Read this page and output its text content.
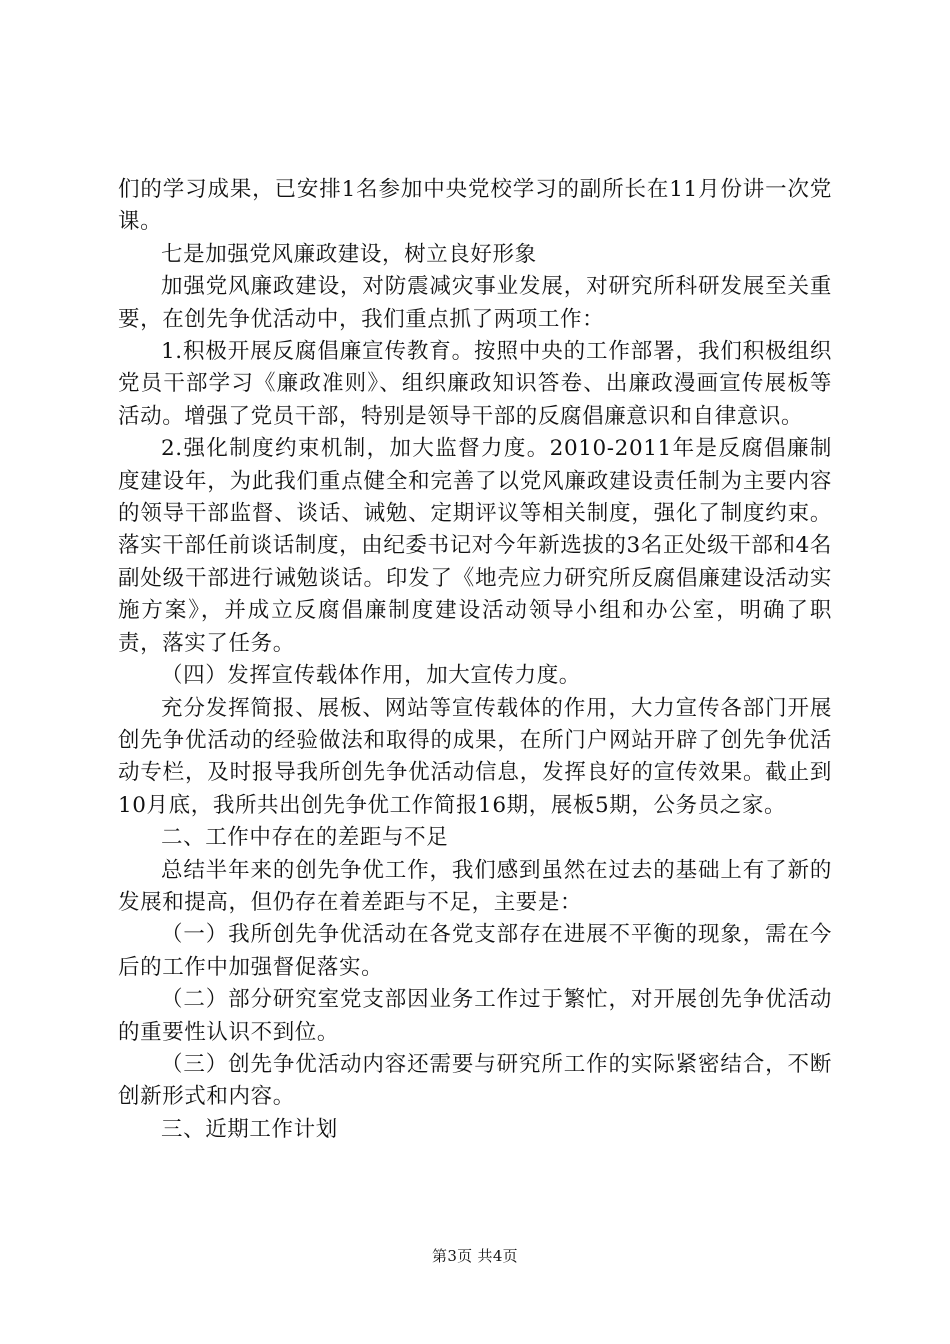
们的学习成果，已安排1名参加中央党校学习的副所长在11月份讲一次党课。

七是加强党风廉政建设，树立良好形象

加强党风廉政建设，对防震减灾事业发展，对研究所科研发展至关重要，在创先争优活动中，我们重点抓了两项工作：

1.积极开展反腐倡廉宣传教育。按照中央的工作部署，我们积极组织党员干部学习《廉政准则》、组织廉政知识答卷、出廉政漫画宣传展板等活动。增强了党员干部，特别是领导干部的反腐倡廉意识和自律意识。

2.强化制度约束机制，加大监督力度。2010-2011年是反腐倡廉制度建设年，为此我们重点健全和完善了以党风廉政建设责任制为主要内容的领导干部监督、谈话、诫勉、定期评议等相关制度，强化了制度约束。落实干部任前谈话制度，由纪委书记对今年新选拔的3名正处级干部和4名副处级干部进行诫勉谈话。印发了《地壳应力研究所反腐倡廉建设活动实施方案》，并成立反腐倡廉制度建设活动领导小组和办公室，明确了职责，落实了任务。

（四）发挥宣传载体作用，加大宣传力度。

充分发挥简报、展板、网站等宣传载体的作用，大力宣传各部门开展创先争优活动的经验做法和取得的成果，在所门户网站开辟了创先争优活动专栏，及时报导我所创先争优活动信息，发挥良好的宣传效果。截止到10月底，我所共出创先争优工作简报16期，展板5期，公务员之家。

二、工作中存在的差距与不足

总结半年来的创先争优工作，我们感到虽然在过去的基础上有了新的发展和提高，但仍存在着差距与不足，主要是：

（一）我所创先争优活动在各党支部存在进展不平衡的现象，需在今后的工作中加强督促落实。

（二）部分研究室党支部因业务工作过于繁忙，对开展创先争优活动的重要性认识不到位。

（三）创先争优活动内容还需要与研究所工作的实际紧密结合，不断创新形式和内容。

三、近期工作计划

第3页 共4页
